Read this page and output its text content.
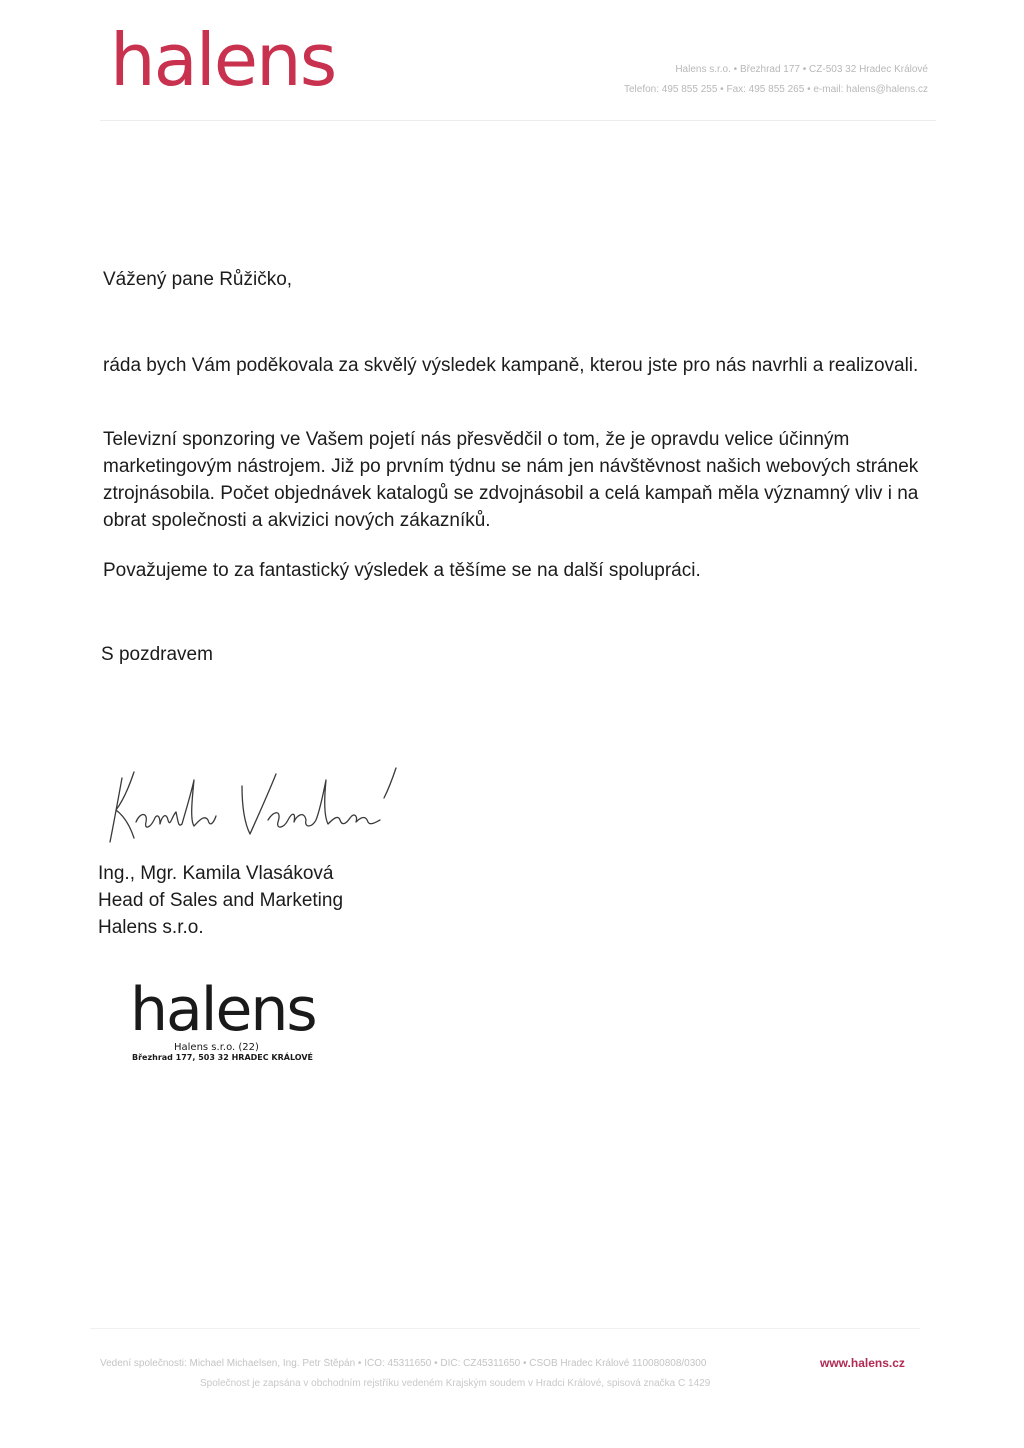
halens	Halens s.r.o. • Březhrad 177 • CZ-503 32 Hradec Králové
Telefon: 495 855 255 • Fax: 495 855 265 • e-mail: halens@halens.cz
Vážený pane Růžičko,
ráda bych Vám poděkovala za skvělý výsledek kampaně, kterou jste pro nás navrhli a realizovali.
Televizní sponzoring ve Vašem pojetí nás přesvědčil o tom, že je opravdu velice účinným marketingovým nástrojem. Již po prvním týdnu se nám jen návštěvnost našich webových stránek ztrojnásobila. Počet objednávek katalogů se zdvojnásobil a celá kampaň měla významný vliv i na obrat společnosti a akvizici nových zákazníků.
Považujeme to za fantastický výsledek a těšíme se na další spolupráci.
S pozdravem
Ing., Mgr. Kamila Vlasáková
Head of Sales and Marketing
Halens s.r.o.
halens
Halens s.r.o. (22)
Březhrad 177, 503 32 HRADEC KRÁLOVÉ
Vedení společnosti: Michael Michaelsen, Ing. Petr Štěpán • IČO: 45311650 • DIČ: CZ45311650 • ČSOB Hradec Králové 110080808/0300	www.halens.cz
Společnost je zapsána v obchodním rejstříku vedeném Krajským soudem v Hradci Králové, spisová značka C 1429
